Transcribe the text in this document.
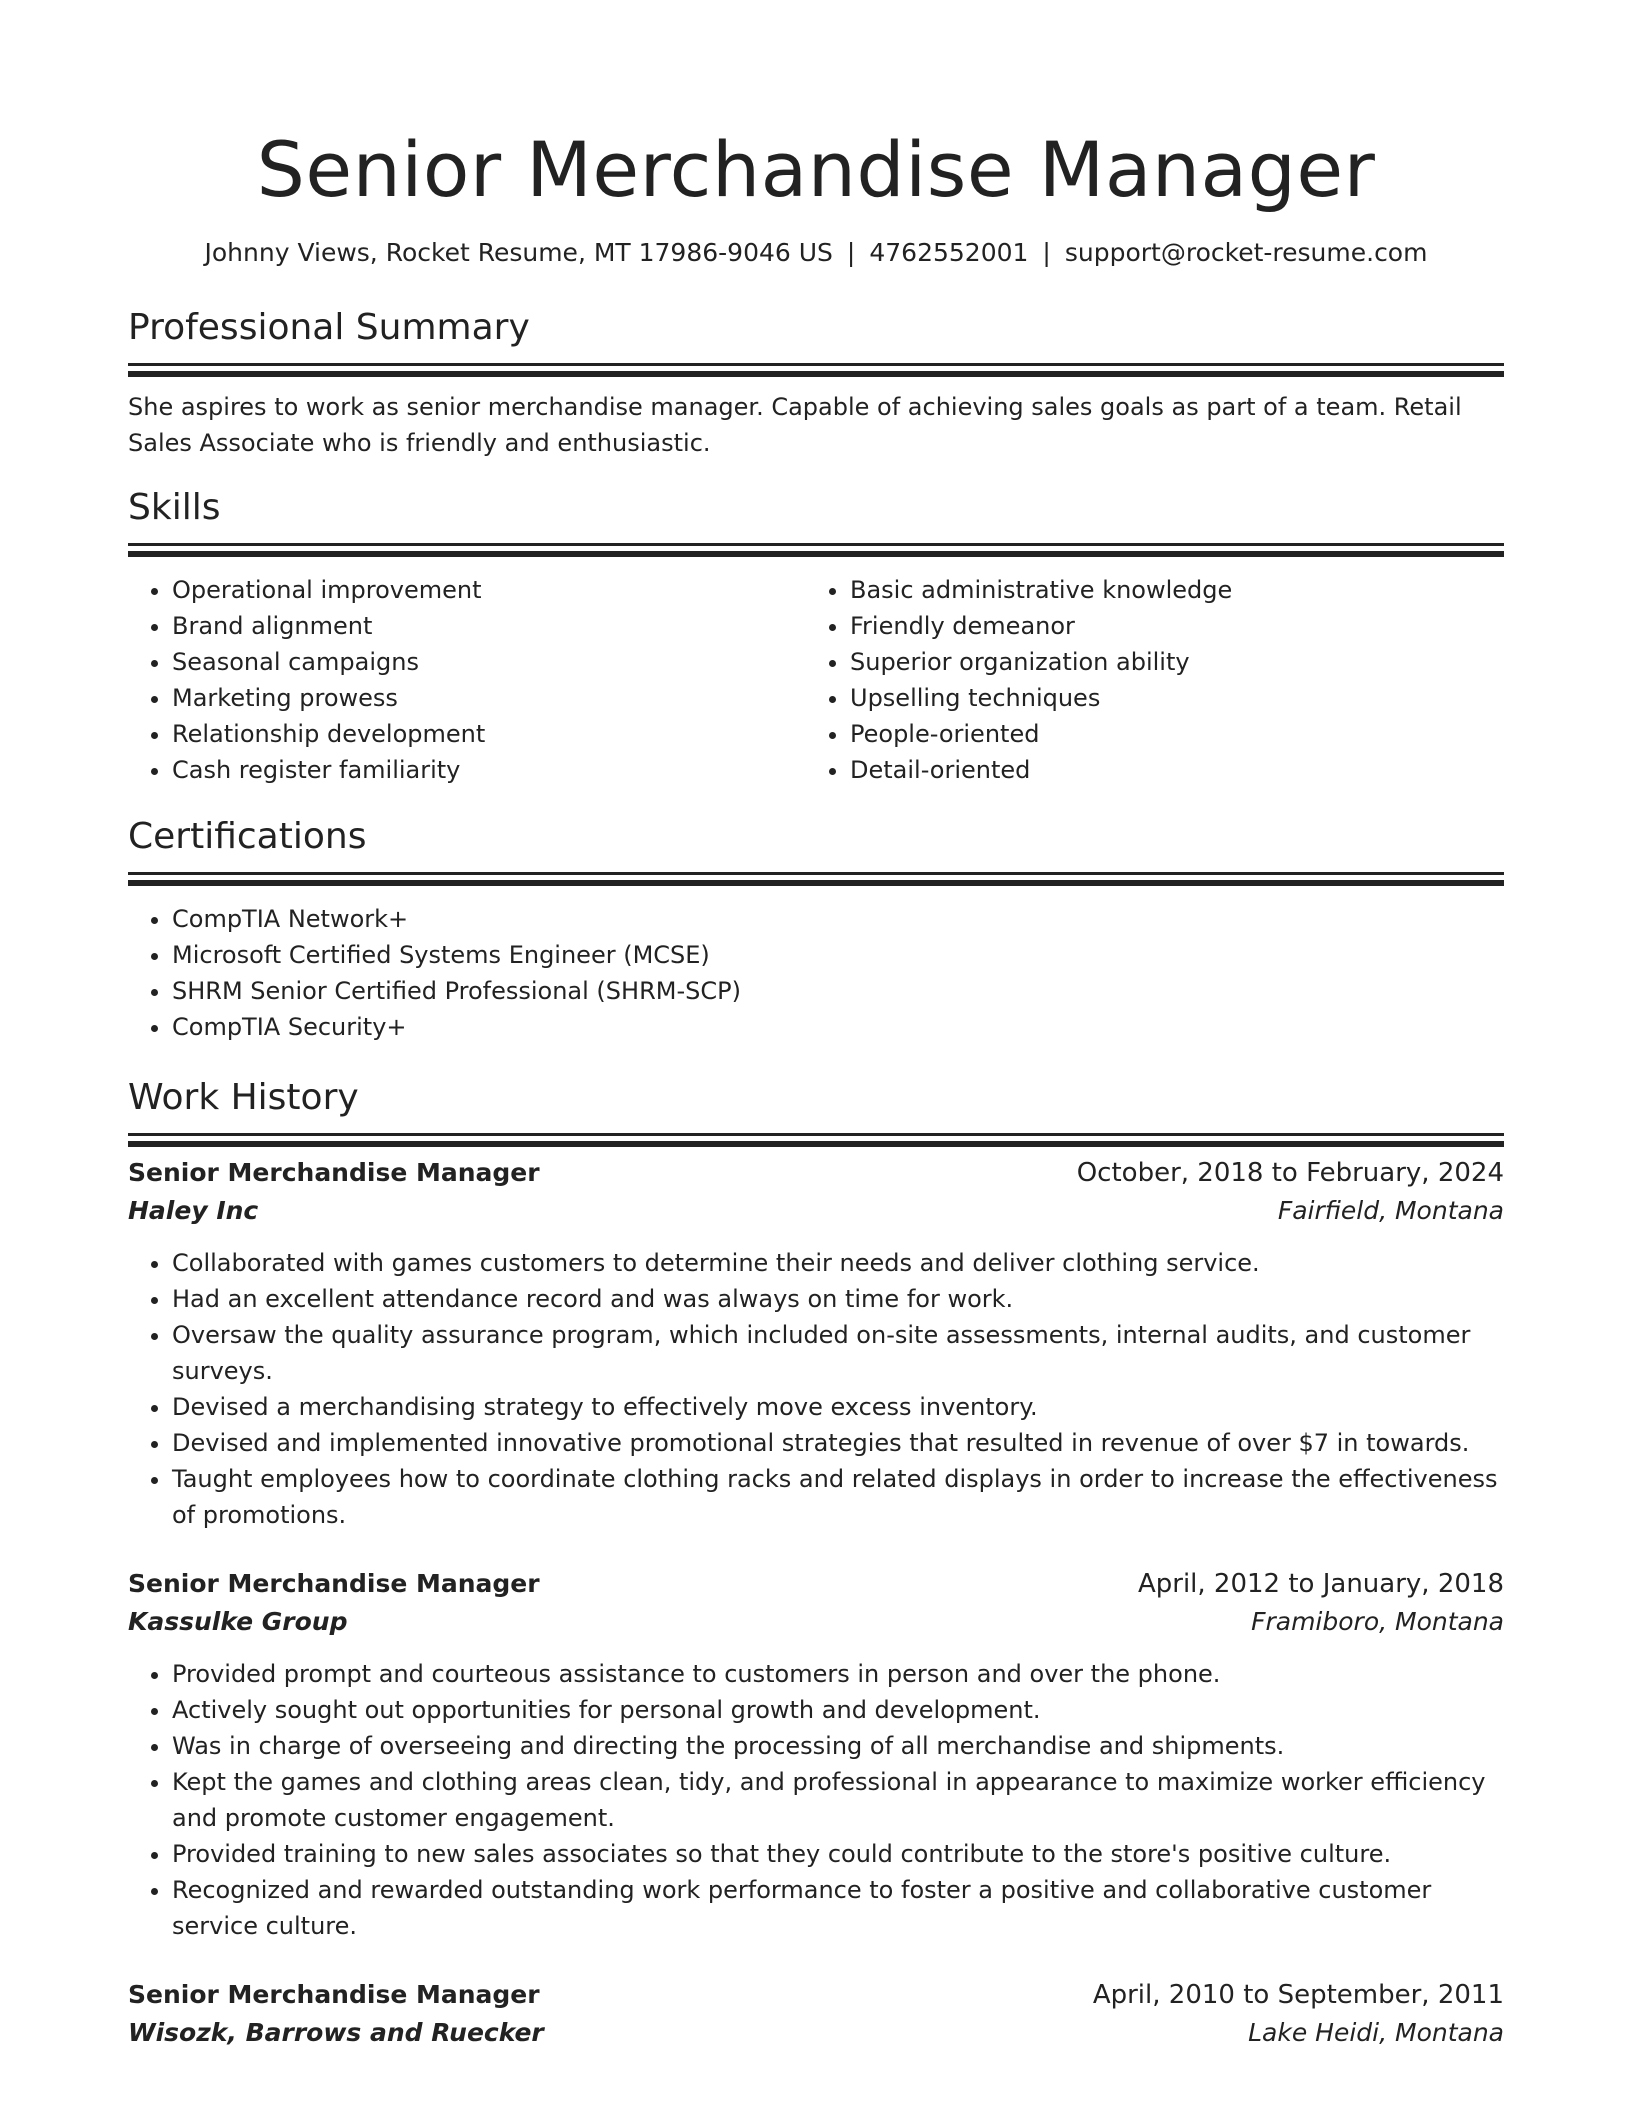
Senior Merchandise Manager
Johnny Views, Rocket Resume, MT 17986-9046 US | 4762552001 | support@rocket-resume.com
Professional Summary
She aspires to work as senior merchandise manager. Capable of achieving sales goals as part of a team. Retail Sales Associate who is friendly and enthusiastic.
Skills
• Operational improvement
• Brand alignment
• Seasonal campaigns
• Marketing prowess
• Relationship development
• Cash register familiarity
• Basic administrative knowledge
• Friendly demeanor
• Superior organization ability
• Upselling techniques
• People-oriented
• Detail-oriented
Certifications
• CompTIA Network+
• Microsoft Certified Systems Engineer (MCSE)
• SHRM Senior Certified Professional (SHRM-SCP)
• CompTIA Security+
Work History
Senior Merchandise Manager	October, 2018 to February, 2024
Haley Inc	Fairfield, Montana
• Collaborated with games customers to determine their needs and deliver clothing service.
• Had an excellent attendance record and was always on time for work.
• Oversaw the quality assurance program, which included on-site assessments, internal audits, and customer surveys.
• Devised a merchandising strategy to effectively move excess inventory.
• Devised and implemented innovative promotional strategies that resulted in revenue of over $7 in towards.
• Taught employees how to coordinate clothing racks and related displays in order to increase the effectiveness of promotions.
Senior Merchandise Manager	April, 2012 to January, 2018
Kassulke Group	Framiboro, Montana
• Provided prompt and courteous assistance to customers in person and over the phone.
• Actively sought out opportunities for personal growth and development.
• Was in charge of overseeing and directing the processing of all merchandise and shipments.
• Kept the games and clothing areas clean, tidy, and professional in appearance to maximize worker efficiency and promote customer engagement.
• Provided training to new sales associates so that they could contribute to the store's positive culture.
• Recognized and rewarded outstanding work performance to foster a positive and collaborative customer service culture.
Senior Merchandise Manager	April, 2010 to September, 2011
Wisozk, Barrows and Ruecker	Lake Heidi, Montana
